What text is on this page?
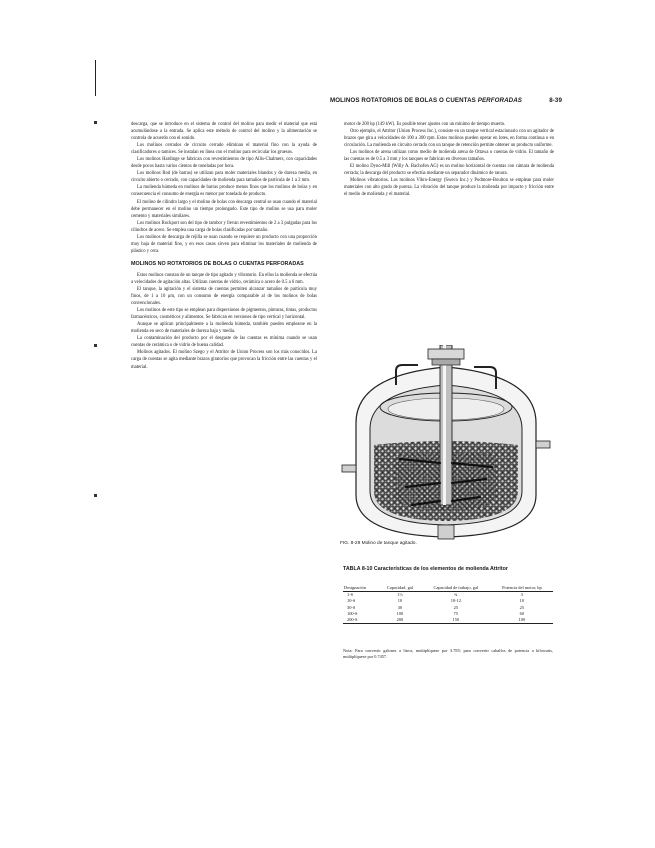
MOLINOS ROTATORIOS DE BOLAS O CUENTAS PERFORADAS	8-39

descarga, que se introduce en el sistema de control del molino para medir el material que está acumulándose a la entrada. Se aplica este método de control del molino y la alimentación se controla de acuerdo con el sonido.

Los molinos cerrados de circuito cerrado eliminan el material fino con la ayuda de clasificadores o tamices. Se instalan en línea con el molino para recircular los gruesos.

Los molinos Hardinge se fabrican con revestimientos de tipo Allis-Chalmers, con capacidades desde pocos hasta varios cientos de toneladas por hora.

Los molinos Rod (de barras) se utilizan para moler materiales blandos y de dureza media, en circuito abierto o cerrado, con capacidades de molienda para tamaños de partícula de 1 a 2 mm.

La molienda húmeda en molinos de barras produce menos finos que los molinos de bolas y en consecuencia el consumo de energía es menor por tonelada de producto.

El molino de cilindro largo y el molino de bolas con descarga central se usan cuando el material debe permanecer en el molino un tiempo prolongado. Este tipo de molino se usa para moler cemento y materiales similares.

Los molinos Rockport son del tipo de tambor y llevan revestimientos de 2 a 3 pulgadas para los cilindros de acero. Se emplea una carga de bolas clasificadas por tamaño.

Los molinos de descarga de rejilla se usan cuando se requiere un producto con una proporción muy baja de material fino, y en esos casos sirven para eliminar los materiales de molienda de plástico y cera.

MOLINOS NO ROTATORIOS DE BOLAS O CUENTAS PERFORADAS

Estos molinos constan de un tanque de tipo agitado y vibratorio. En ellos la molienda se efectúa a velocidades de agitación altas. Utilizan cuentas de vidrio, cerámica o acero de 0.5 a 6 mm.

El tanque, la agitación y el sistema de cuentas permiten alcanzar tamaños de partícula muy finos, de 1 a 10 μm, con un consumo de energía comparable al de los molinos de bolas convencionales.

Los molinos de este tipo se emplean para dispersiones de pigmentos, pinturas, tintas, productos farmacéuticos, cosméticos y alimentos. Se fabrican en versiones de tipo vertical y horizontal.

Aunque se aplican principalmente a la molienda húmeda, también pueden emplearse en la molienda en seco de materiales de dureza baja y media.

La contaminación del producto por el desgaste de las cuentas es mínima cuando se usan cuentas de cerámica o de vidrio de buena calidad.

Molinos agitados. El molino Szego y el Attritor de Union Process son los más conocidos. La carga de cuentas se agita mediante brazos giratorios que provocan la fricción entre las cuentas y el material.

motor de 200 hp (149 kW). Es posible tener ajustes con un mínimo de tiempo muerto.

Otro ejemplo, el Attritor (Union Process Inc.), consiste en un tanque vertical estacionario con un agitador de brazos que gira a velocidades de 100 a 300 rpm. Estos molinos pueden operar en lotes, en forma continua o en circulación. La molienda en circuito cerrado con un tanque de retención permite obtener un producto uniforme.

Los molinos de arena utilizan como medio de molienda arena de Ottawa o cuentas de vidrio. El tamaño de las cuentas es de 0.5 a 3 mm y los tanques se fabrican en diversos tamaños.

El molino Dyno-Mill (Willy A. Bachofen AG) es un molino horizontal de cuentas con cámara de molienda cerrada; la descarga del producto se efectúa mediante un separador dinámico de ranura.

Molinos vibratorios. Los molinos Vibro-Energy (Sweco Inc.) y Podmore-Boulton se emplean para moler materiales con alto grado de pureza. La vibración del tanque produce la molienda por impacto y fricción entre el medio de molienda y el material.

FIG. 8-29 Molino de tanque agitado.
TABLA 8-10 Características de los elementos de molienda Attritor
Designación	Capacidad, gal	Capacidad de trabajo, gal	Potencia del motor, hp
1-S	1½	¾	3
10-S	10	10-12	10
30-S	30	25	25
100-S	100	75	60
200-S	200	150	100
Nota: Para convertir galones a litros, multiplíquese por 3.785; para convertir caballos de potencia a kilowatts, multiplíquese por 0.7457.
